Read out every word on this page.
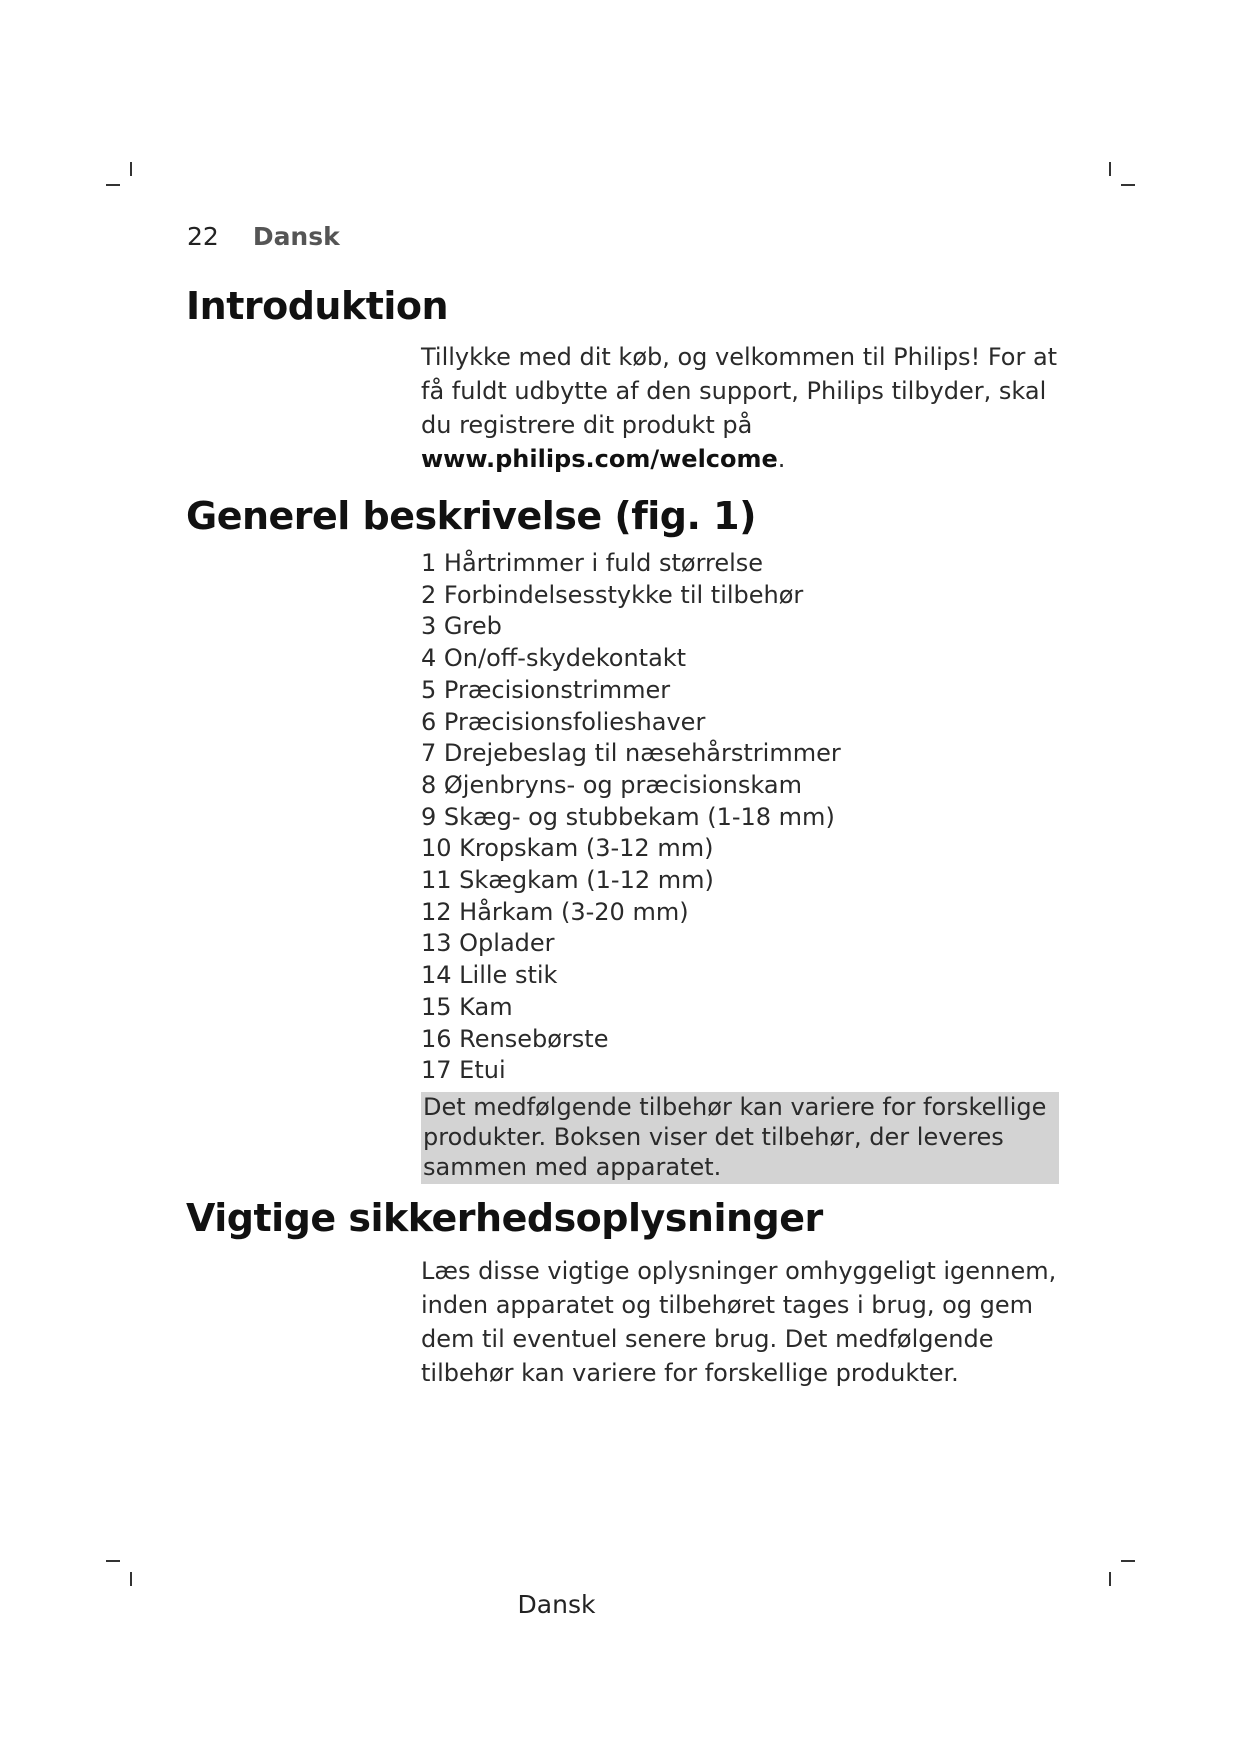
22 Dansk
Introduktion
Tillykke med dit køb, og velkommen til Philips! For at få fuldt udbytte af den support, Philips tilbyder, skal du registrere dit produkt på
www.philips.com/welcome.
Generel beskrivelse (fig. 1)
1 Hårtrimmer i fuld størrelse
2 Forbindelsesstykke til tilbehør
3 Greb
4 On/off-skydekontakt
5 Præcisionstrimmer
6 Præcisionsfolieshaver
7 Drejebeslag til næsehårstrimmer
8 Øjenbryns- og præcisionskam
9 Skæg- og stubbekam (1-18 mm)
10 Kropskam (3-12 mm)
11 Skægkam (1-12 mm)
12 Hårkam (3-20 mm)
13 Oplader
14 Lille stik
15 Kam
16 Rensebørste
17 Etui
Det medfølgende tilbehør kan variere for forskellige produkter. Boksen viser det tilbehør, der leveres sammen med apparatet.
Vigtige sikkerhedsoplysninger
Læs disse vigtige oplysninger omhyggeligt igennem, inden apparatet og tilbehøret tages i brug, og gem dem til eventuel senere brug. Det medfølgende tilbehør kan variere for forskellige produkter.
Dansk
